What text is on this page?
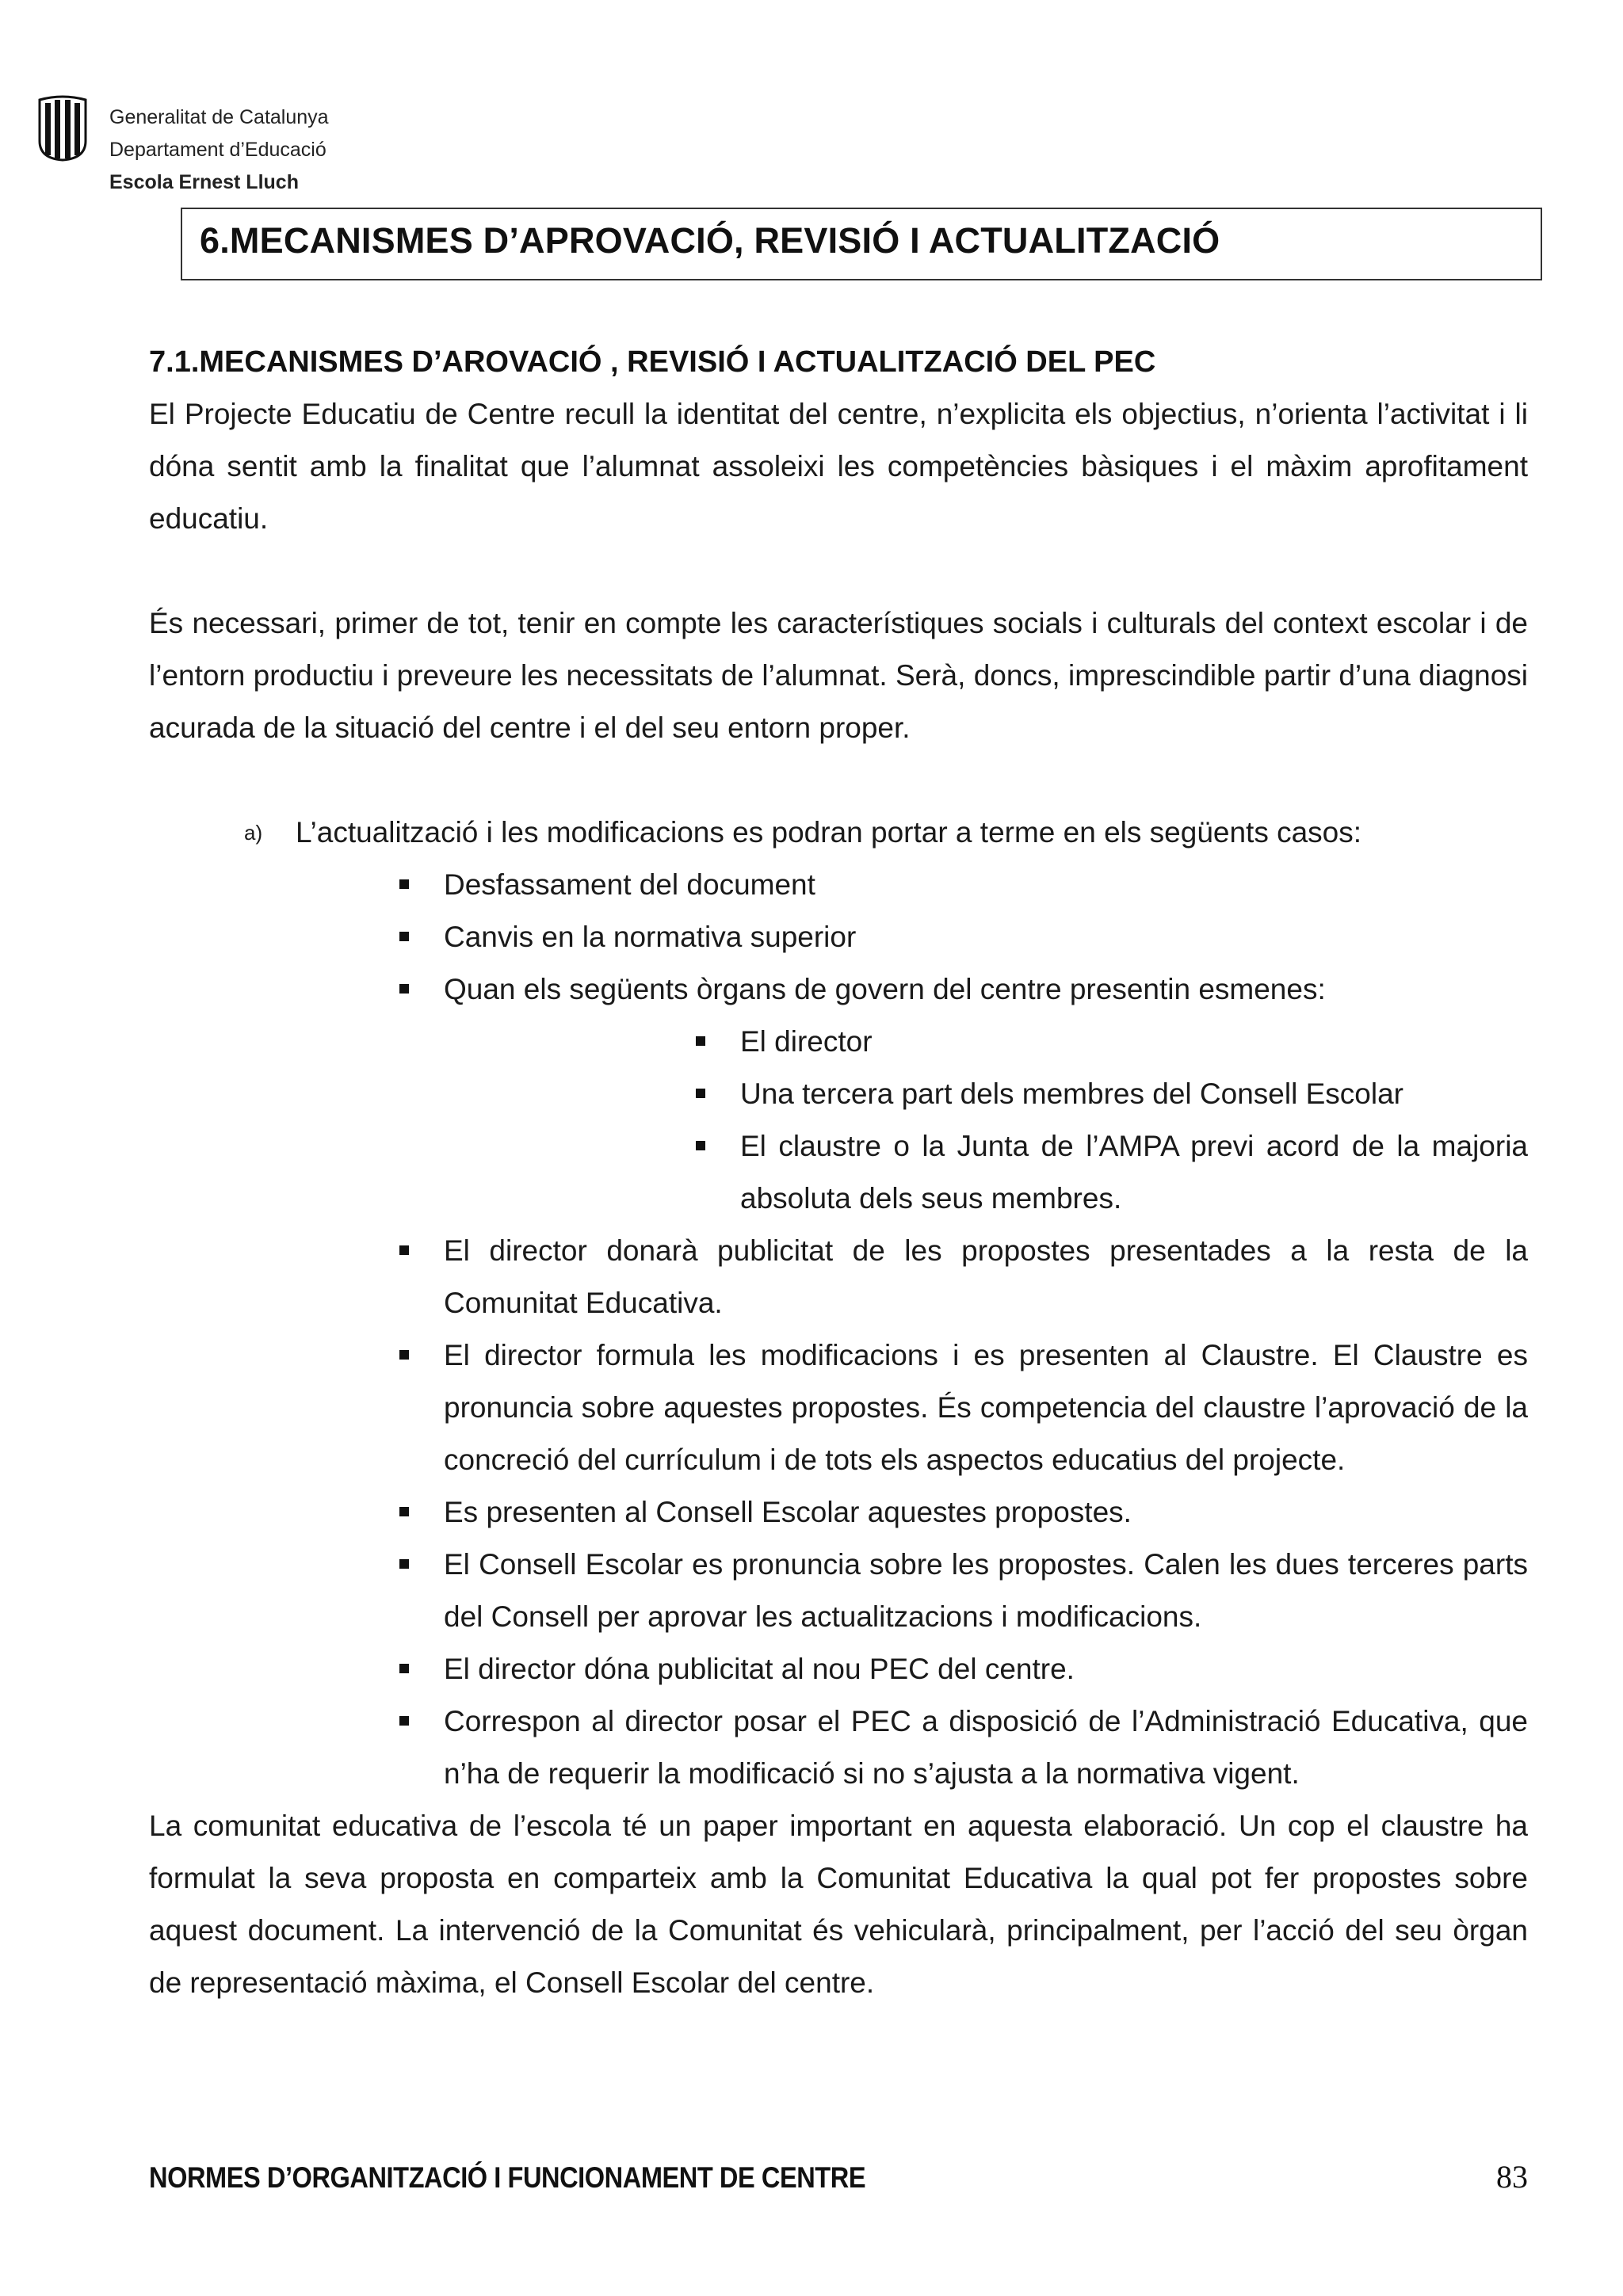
Generalitat de Catalunya
Departament d’Educació
Escola Ernest Lluch
6.MECANISMES D’APROVACIÓ, REVISIÓ I ACTUALITZACIÓ

7.1.MECANISMES D’AROVACIÓ , REVISIÓ I ACTUALITZACIÓ DEL PEC

El Projecte Educatiu de Centre recull la identitat del centre, n’explicita els objectius, n’orienta l’activitat i li dóna sentit amb la finalitat que l’alumnat assoleixi les competències bàsiques i el màxim aprofitament educatiu.

És necessari, primer de tot, tenir en compte les característiques socials i culturals del context escolar i de l’entorn productiu i preveure les necessitats de l’alumnat. Serà, doncs, imprescindible partir d’una diagnosi acurada de la situació del centre i el del seu entorn proper.

a) L’actualització i les modificacions es podran portar a terme en els següents casos:

Desfassament del document
Canvis en la normativa superior
Quan els següents òrgans de govern del centre presentin esmenes:
El director
Una tercera part dels membres del Consell Escolar
El claustre o la Junta de l’AMPA previ acord de la majoria absoluta dels seus membres.
El director donarà publicitat de les propostes presentades a la resta de la Comunitat Educativa.
El director formula les modificacions i es presenten al Claustre. El Claustre es pronuncia sobre aquestes propostes. És competencia del claustre l’aprovació de la concreció del currículum i de tots els aspectos educatius del projecte.
Es presenten al Consell Escolar aquestes propostes.
El Consell Escolar es pronuncia sobre les propostes. Calen les dues terceres parts del Consell per aprovar les actualitzacions i modificacions.
El director dóna publicitat al nou PEC del centre.
Correspon al director posar el PEC a disposició de l’Administració Educativa, que n’ha de requerir la modificació si no s’ajusta a la normativa vigent.

La comunitat educativa de l’escola té un paper important en aquesta elaboració. Un cop el claustre ha formulat la seva proposta en comparteix amb la Comunitat Educativa la qual pot fer propostes sobre aquest document. La intervenció de la Comunitat és vehicularà, principalment, per l’acció del seu òrgan de representació màxima, el Consell Escolar del centre.

NORMES D’ORGANITZACIÓ I FUNCIONAMENT DE CENTRE	83
